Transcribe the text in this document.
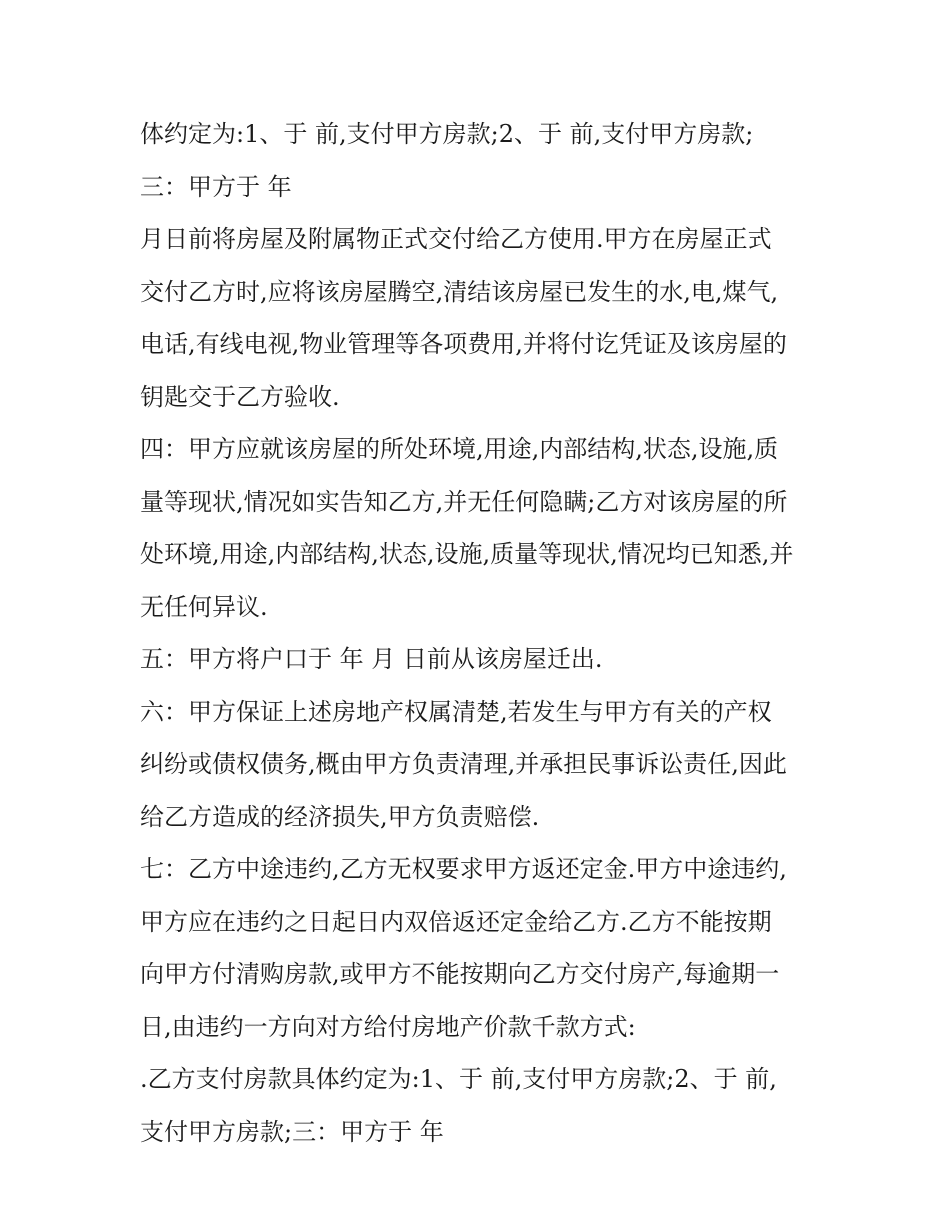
体约定为:1、于 前,支付甲方房款;2、于 前,支付甲方房款;
三：甲方于 年
月日前将房屋及附属物正式交付给乙方使用.甲方在房屋正式
交付乙方时,应将该房屋腾空,清结该房屋已发生的水,电,煤气,
电话,有线电视,物业管理等各项费用,并将付讫凭证及该房屋的
钥匙交于乙方验收.
四：甲方应就该房屋的所处环境,用途,内部结构,状态,设施,质
量等现状,情况如实告知乙方,并无任何隐瞒;乙方对该房屋的所
处环境,用途,内部结构,状态,设施,质量等现状,情况均已知悉,并
无任何异议.
五：甲方将户口于 年 月 日前从该房屋迁出.
六：甲方保证上述房地产权属清楚,若发生与甲方有关的产权
纠纷或债权债务,概由甲方负责清理,并承担民事诉讼责任,因此
给乙方造成的经济损失,甲方负责赔偿.
七：乙方中途违约,乙方无权要求甲方返还定金.甲方中途违约,
甲方应在违约之日起日内双倍返还定金给乙方.乙方不能按期
向甲方付清购房款,或甲方不能按期向乙方交付房产,每逾期一
日,由违约一方向对方给付房地产价款千款方式:
.乙方支付房款具体约定为:1、于 前,支付甲方房款;2、于 前,
支付甲方房款;三：甲方于 年
